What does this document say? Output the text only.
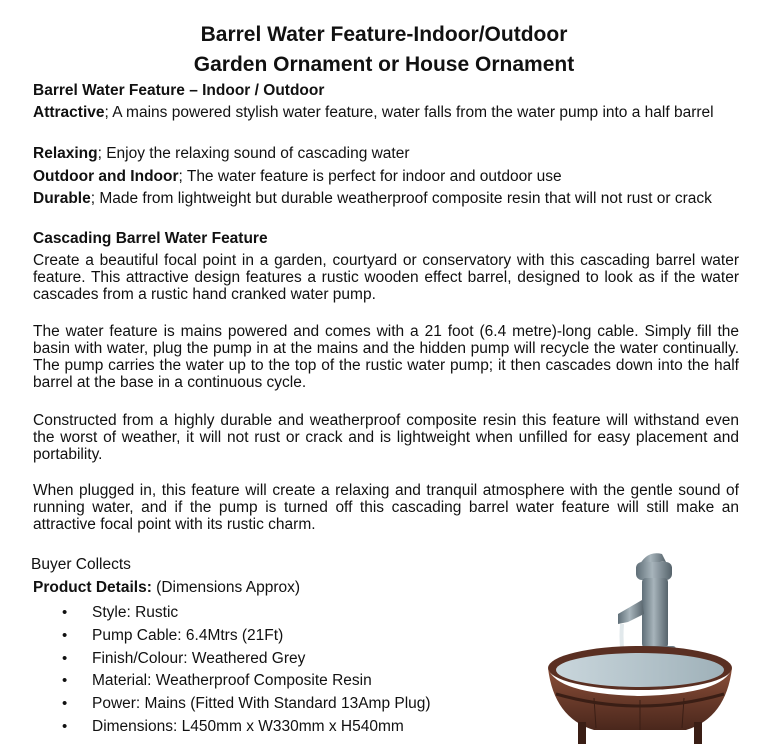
Barrel Water Feature-Indoor/Outdoor
Garden Ornament or House Ornament
Barrel Water Feature – Indoor / Outdoor
Attractive; A mains powered stylish water feature, water falls from the water pump into a half barrel
Relaxing; Enjoy the relaxing sound of cascading water
Outdoor and Indoor; The water feature is perfect for indoor and outdoor use
Durable; Made from lightweight but durable weatherproof composite resin that will not rust or crack
Cascading Barrel Water Feature
Create a beautiful focal point in a garden, courtyard or conservatory with this cascading barrel water feature. This attractive design features a rustic wooden effect barrel, designed to look as if the water cascades from a rustic hand cranked water pump.
The water feature is mains powered and comes with a 21 foot (6.4 metre)-long cable. Simply fill the basin with water, plug the pump in at the mains and the hidden pump will recycle the water continually. The pump carries the water up to the top of the rustic water pump; it then cascades down into the half barrel at the base in a continuous cycle.
Constructed from a highly durable and weatherproof composite resin this feature will withstand even the worst of weather, it will not rust or crack and is lightweight when unfilled for easy placement and portability.
When plugged in, this feature will create a relaxing and tranquil atmosphere with the gentle sound of running water, and if the pump is turned off this cascading barrel water feature will still make an attractive focal point with its rustic charm.
Buyer Collects
Product Details: (Dimensions Approx)
• Style: Rustic
• Pump Cable: 6.4Mtrs (21Ft)
• Finish/Colour: Weathered Grey
• Material: Weatherproof Composite Resin
• Power: Mains (Fitted With Standard 13Amp Plug)
• Dimensions: L450mm x W330mm x H540mm
